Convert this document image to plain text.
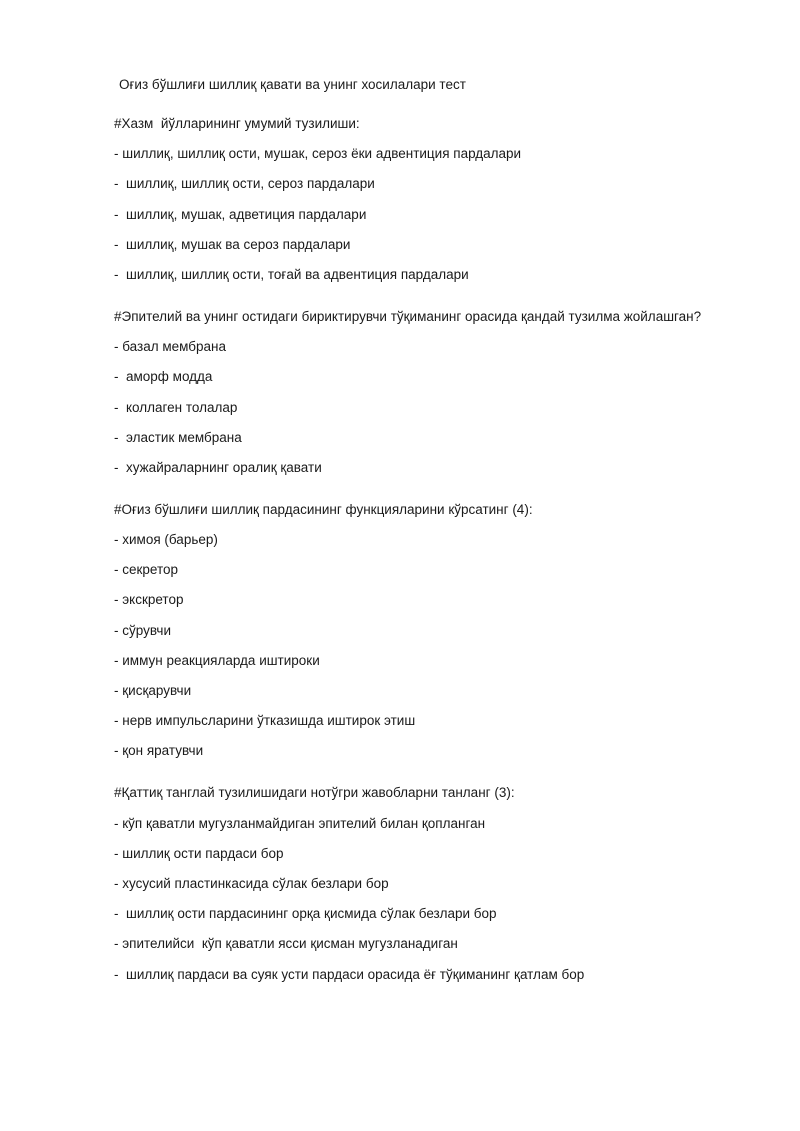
Оғиз бўшлиғи шиллиқ қавати ва унинг хосилалари тест
#Хазм  йўлларининг умумий тузилиши:
- шиллиқ, шиллиқ ости, мушак, сероз ёки адвентиция пардалари
-  шиллиқ, шиллиқ ости, сероз пардалари
-  шиллиқ, мушак, адветиция пардалари
-  шиллиқ, мушак ва сероз пардалари
-  шиллиқ, шиллиқ ости, тоғай ва адвентиция пардалари
#Эпителий ва унинг остидаги бириктирувчи тўқиманинг орасида қандай тузилма жойлашган?
- базал мембрана
-  аморф модда
-  коллаген толалар
-  эластик мембрана
-  хужайраларнинг оралиқ қавати
#Оғиз бўшлиғи шиллиқ пардасининг функцияларини кўрсатинг (4):
- химоя (барьер)
- секретор
- экскретор
- сўрувчи
- иммун реакцияларда иштироки
- қисқарувчи
- нерв импульсларини ўтказишда иштирок этиш
- қон яратувчи
#Қаттиқ танглай тузилишидаги нотўгри жавобларни танланг (3):
- кўп қаватли мугузланмайдиган эпителий билан қопланган
- шиллиқ ости пардаси бор
- хусусий пластинкасида сўлак безлари бор
-  шиллиқ ости пардасининг орқа қисмида сўлак безлари бор
- эпителийси  кўп қаватли ясси қисман мугузланадиган
-  шиллиқ пардаси ва суяк усти пардаси орасида ёғ тўқиманинг қатлам бор
